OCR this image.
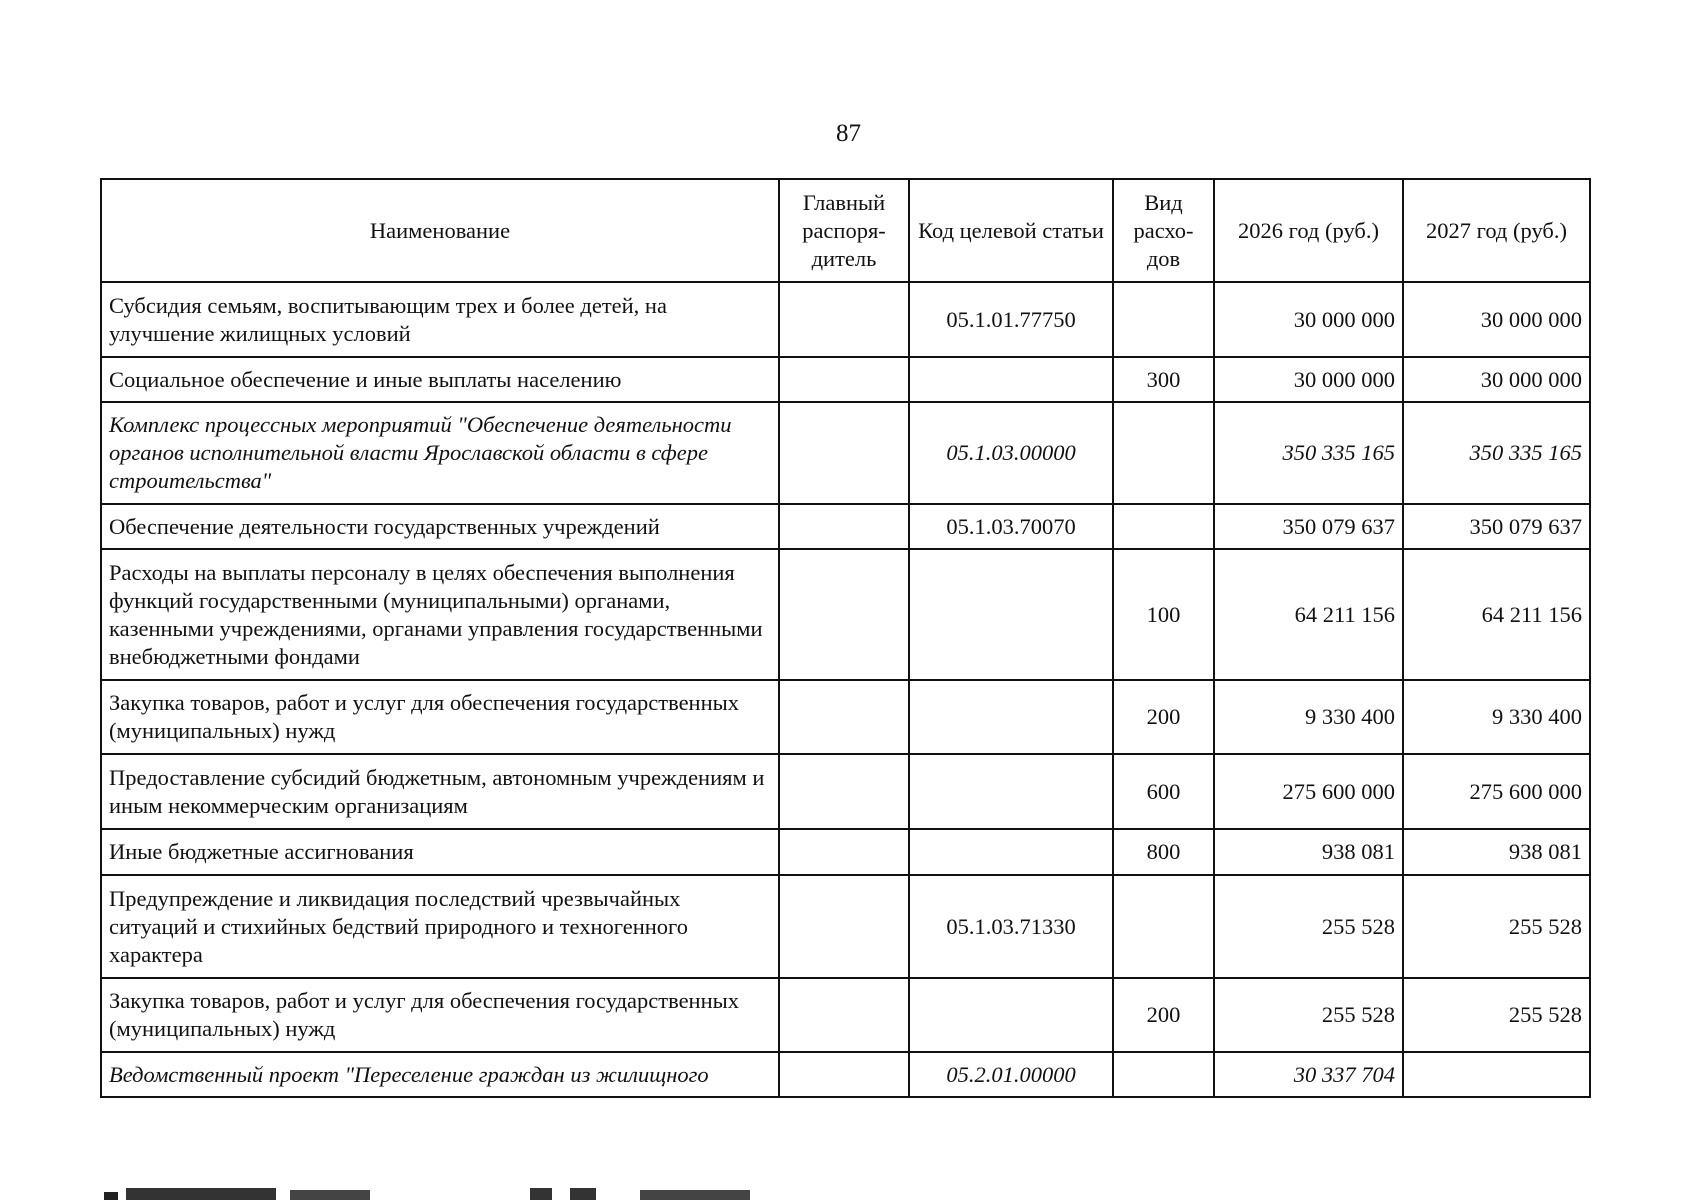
87
Наименование	Главный распоря-дитель	Код целевой статьи	Вид расхо-дов	2026 год (руб.)	2027 год (руб.)
Субсидия семьям, воспитывающим трех и более детей, на улучшение жилищных условий		05.1.01.77750		30 000 000	30 000 000
Социальное обеспечение и иные выплаты населению			300	30 000 000	30 000 000
Комплекс процессных мероприятий "Обеспечение деятельности органов исполнительной власти Ярославской области в сфере строительства"		05.1.03.00000		350 335 165	350 335 165
Обеспечение деятельности государственных учреждений		05.1.03.70070		350 079 637	350 079 637
Расходы на выплаты персоналу в целях обеспечения выполнения функций государственными (муниципальными) органами, казенными учреждениями, органами управления государственными внебюджетными фондами			100	64 211 156	64 211 156
Закупка товаров, работ и услуг для обеспечения государственных (муниципальных) нужд			200	9 330 400	9 330 400
Предоставление субсидий бюджетным, автономным учреждениям и иным некоммерческим организациям			600	275 600 000	275 600 000
Иные бюджетные ассигнования			800	938 081	938 081
Предупреждение и ликвидация последствий чрезвычайных ситуаций и стихийных бедствий природного и техногенного характера		05.1.03.71330		255 528	255 528
Закупка товаров, работ и услуг для обеспечения государственных (муниципальных) нужд			200	255 528	255 528
Ведомственный проект "Переселение граждан из жилищного		05.2.01.00000		30 337 704	
